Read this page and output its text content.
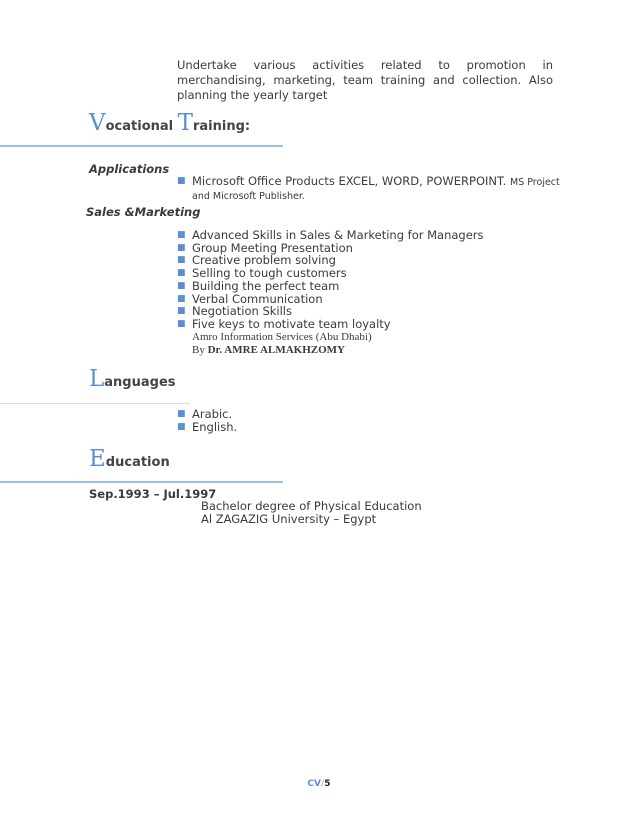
Undertake various activities related to promotion in merchandising, marketing, team training and collection. Also planning the yearly target
Vocational Training:
Applications
■ Microsoft Office Products EXCEL, WORD, POWERPOINT. MS Project
and Microsoft Publisher.
Sales &Marketing
■ Advanced Skills in Sales & Marketing for Managers
■ Group Meeting Presentation
■ Creative problem solving
■ Selling to tough customers
■ Building the perfect team
■ Verbal Communication
■ Negotiation Skills
■ Five keys to motivate team loyalty
Amro Information Services (Abu Dhabi)
By Dr. AMRE ALMAKHZOMY
Languages
■ Arabic.
■ English.
Education
Sep.1993 – Jul.1997
Bachelor degree of Physical Education
Al ZAGAZIG University – Egypt
CV/5
